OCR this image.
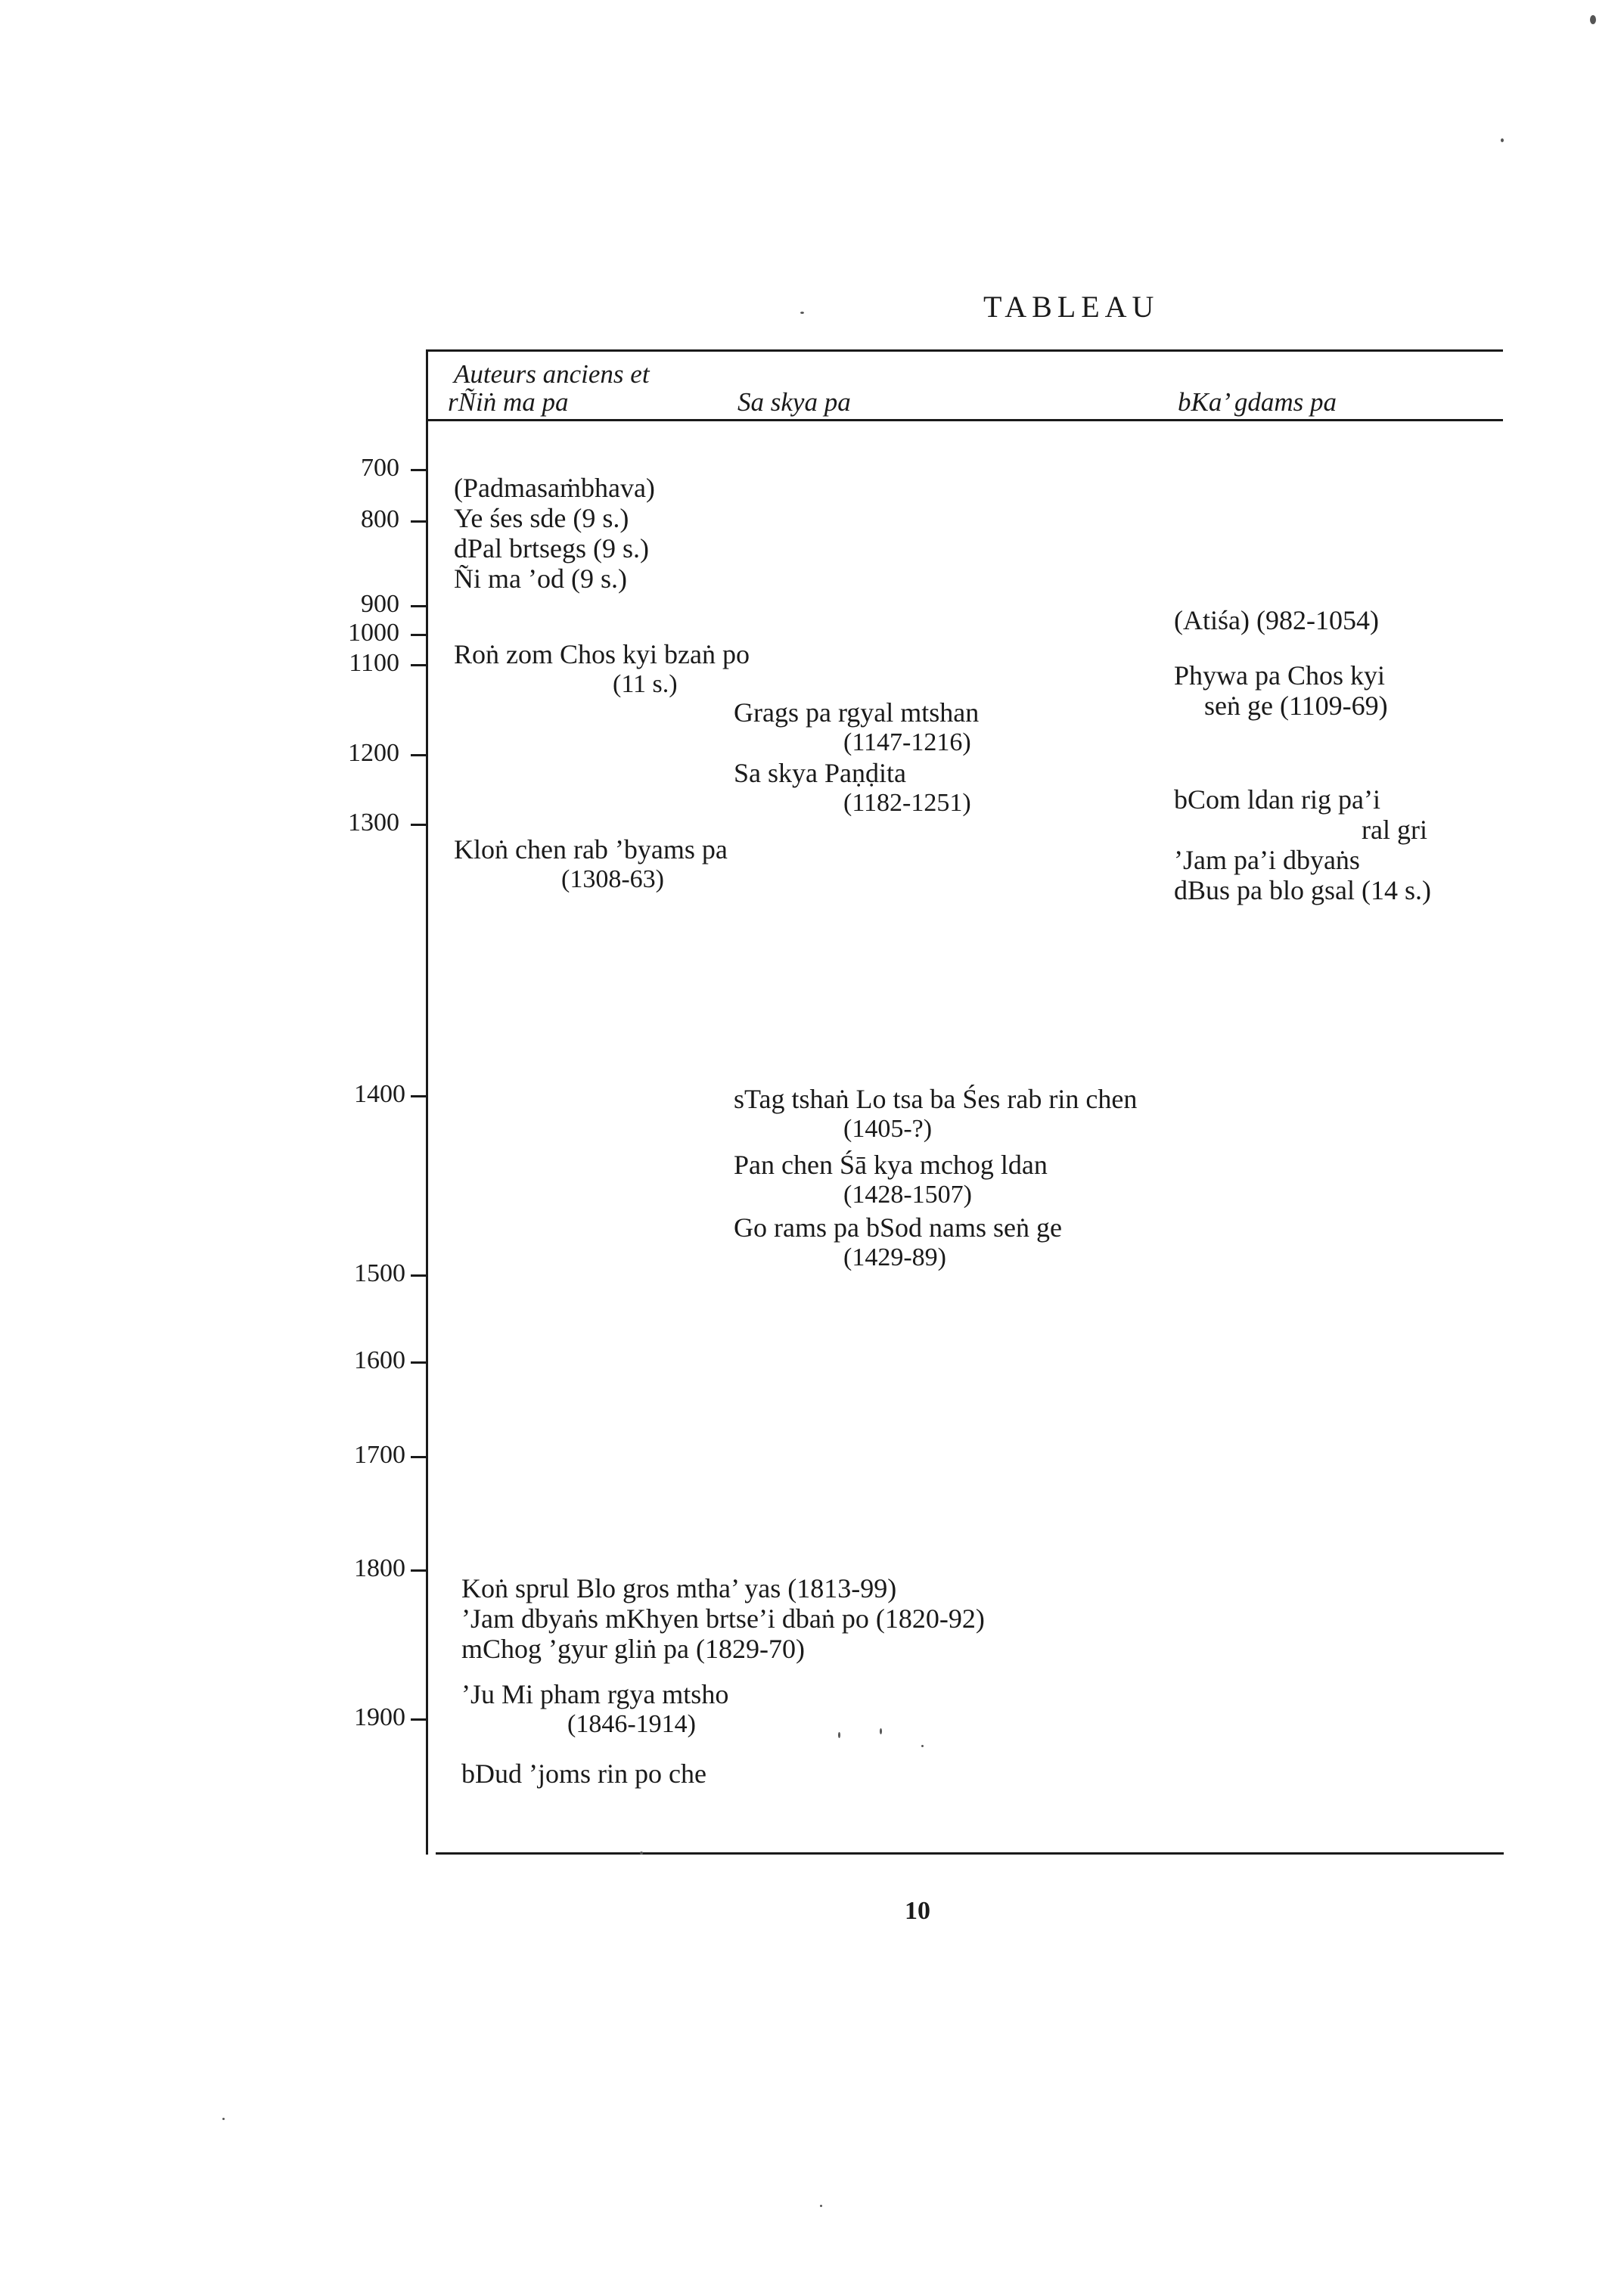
TABLEAU
Auteurs anciens et
rÑiṅ ma pa	Sa skya pa	bKa’ gdams pa
700
800
900
1000
1100
1200
1300
1400
1500
1600
1700
1800
1900
(Padmasaṁbhava)
Ye śes sde (9 s.)
dPal brtsegs (9 s.)
Ñi ma ’od (9 s.)
Roṅ zom Chos kyi bzaṅ po
(11 s.)
Kloṅ chen rab ’byams pa
(1308-63)
Koṅ sprul Blo gros mtha’ yas (1813-99)
’Jam dbyaṅs mKhyen brtse’i dbaṅ po (1820-92)
mChog ’gyur gliṅ pa (1829-70)
’Ju Mi pham rgya mtsho
(1846-1914)
bDud ’joms rin po che
Grags pa rgyal mtshan
(1147-1216)
Sa skya Paṇḍita
(1182-1251)
sTag tshaṅ Lo tsa ba Śes rab rin chen
(1405-?)
Pan chen Śā kya mchog ldan
(1428-1507)
Go rams pa bSod nams seṅ ge
(1429-89)
(Atiśa) (982-1054)
Phywa pa Chos kyi
seṅ ge (1109-69)
bCom ldan rig pa’i
ral gri
’Jam pa’i dbyaṅs
dBus pa blo gsal (14 s.)
10
